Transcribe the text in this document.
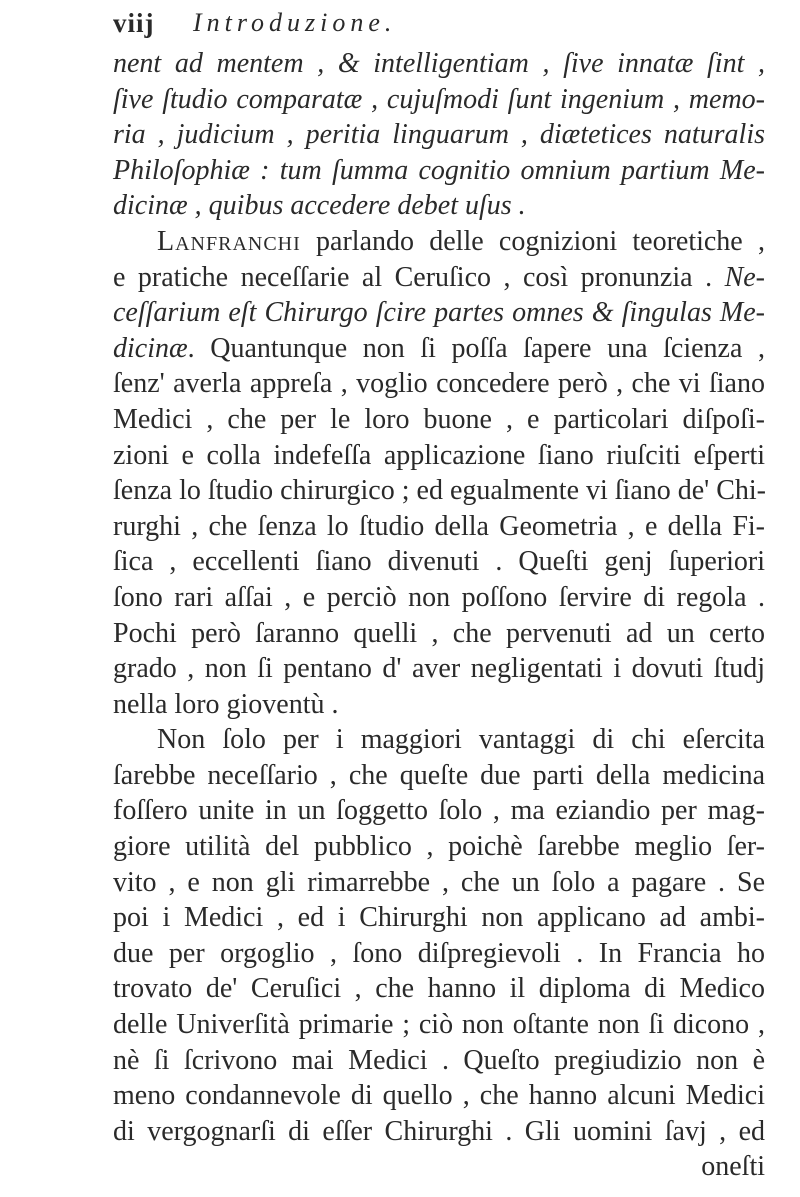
viij Introduzione.
nent ad mentem , & intelligentiam , ſive innatæ ſint ,
ſive ſtudio comparatæ , cujuſmodi ſunt ingenium , memo-
ria , judicium , peritia linguarum , diætetices naturalis
Philoſophiæ : tum ſumma cognitio omnium partium Me-
dicinæ , quibus accedere debet uſus .
Lanfranchi parlando delle cognizioni teoretiche ,
e pratiche neceſſarie al Ceruſico , così pronunzia . Ne-
ceſſarium eſt Chirurgo ſcire partes omnes & ſingulas Me-
dicinæ. Quantunque non ſi poſſa ſapere una ſcienza ,
ſenz' averla appreſa , voglio concedere però , che vi ſiano
Medici , che per le loro buone , e particolari diſpoſi-
zioni e colla indefeſſa applicazione ſiano riuſciti eſperti
ſenza lo ſtudio chirurgico ; ed egualmente vi ſiano de' Chi-
rurghi , che ſenza lo ſtudio della Geometria , e della Fi-
ſica , eccellenti ſiano divenuti . Queſti genj ſuperiori
ſono rari aſſai , e perciò non poſſono ſervire di regola .
Pochi però ſaranno quelli , che pervenuti ad un certo
grado , non ſi pentano d' aver negligentati i dovuti ſtudj
nella loro gioventù .
Non ſolo per i maggiori vantaggi di chi eſercita
ſarebbe neceſſario , che queſte due parti della medicina
foſſero unite in un ſoggetto ſolo , ma eziandio per mag-
giore utilità del pubblico , poichè ſarebbe meglio ſer-
vito , e non gli rimarrebbe , che un ſolo a pagare . Se
poi i Medici , ed i Chirurghi non applicano ad ambi-
due per orgoglio , ſono diſpregievoli . In Francia ho
trovato de' Ceruſici , che hanno il diploma di Medico
delle Univerſità primarie ; ciò non oſtante non ſi dicono ,
nè ſi ſcrivono mai Medici . Queſto pregiudizio non è
meno condannevole di quello , che hanno alcuni Medici
di vergognarſi di eſſer Chirurghi . Gli uomini ſavj , ed
oneſti
